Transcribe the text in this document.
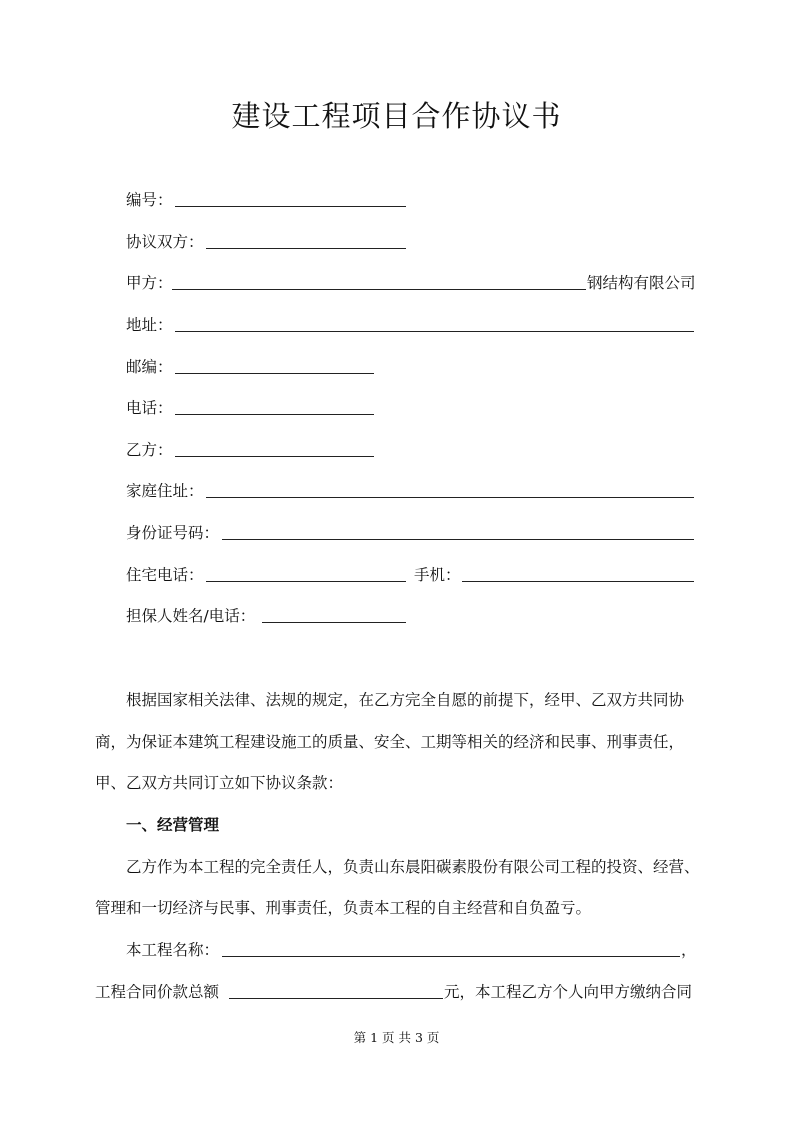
建设工程项目合作协议书
编号：
协议双方：
甲方：	钢结构有限公司
地址：
邮编：
电话：
乙方：
家庭住址：
身份证号码：
住宅电话：	手机：
担保人姓名/电话：
根据国家相关法律、法规的规定，在乙方完全自愿的前提下，经甲、乙双方共同协
商，为保证本建筑工程建设施工的质量、安全、工期等相关的经济和民事、刑事责任，
甲、乙双方共同订立如下协议条款：
一、经营管理
乙方作为本工程的完全责任人，负责山东晨阳碳素股份有限公司工程的投资、经营、
管理和一切经济与民事、刑事责任，负责本工程的自主经营和自负盈亏。
本工程名称：	，
工程合同价款总额	元，本工程乙方个人向甲方缴纳合同
第 1 页 共 3 页
